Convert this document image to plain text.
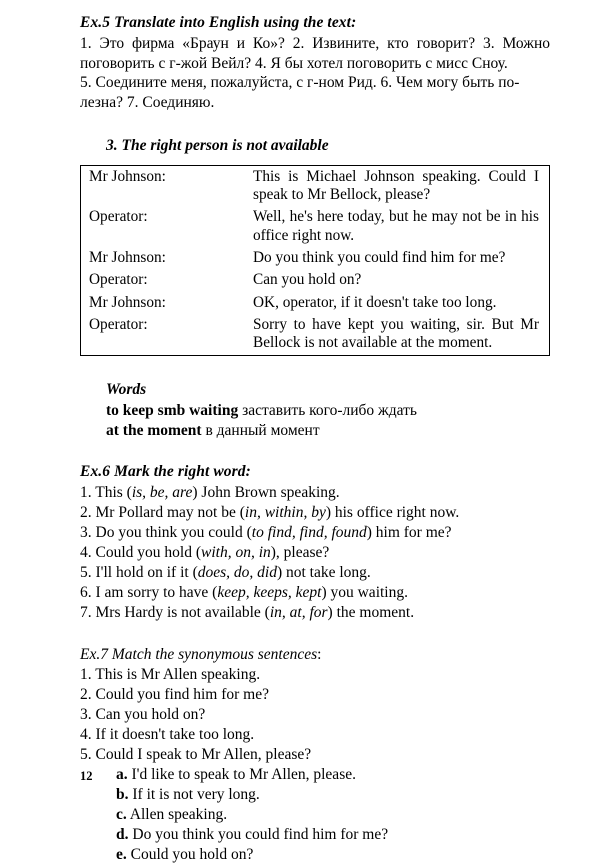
Ex.5 Translate into English using the text:
1. Это фирма «Браун и Ко»? 2. Извините, кто говорит? 3. Можно поговорить с г-жой Вейл? 4. Я бы хотел поговорить с мисс Сноу.
5. Соедините меня, пожалуйста, с г-ном Рид. 6. Чем могу быть по-
лезна? 7. Соединяю.
3. The right person is not available
Mr Johnson:	This is Michael Johnson speaking. Could I speak to Mr Bellock, please?
Operator:	Well, he's here today, but he may not be in his office right now.
Mr Johnson:	Do you think you could find him for me?
Operator:	Can you hold on?
Mr Johnson:	OK, operator, if it doesn't take too long.
Operator:	Sorry to have kept you waiting, sir. But Mr Bellock is not available at the moment.
Words
to keep smb waiting заставить кого-либо ждать
at the moment в данный момент
Ex.6 Mark the right word:
1. This (is, be, are) John Brown speaking.
2. Mr Pollard may not be (in, within, by) his office right now.
3. Do you think you could (to find, find, found) him for me?
4. Could you hold (with, on, in), please?
5. I'll hold on if it (does, do, did) not take long.
6. I am sorry to have (keep, keeps, kept) you waiting.
7. Mrs Hardy is not available (in, at, for) the moment.
Ex.7 Match the synonymous sentences:
1. This is Mr Allen speaking.
2. Could you find him for me?
3. Can you hold on?
4. If it doesn't take too long.
5. Could I speak to Mr Allen, please?
a. I'd like to speak to Mr Allen, please.
b. If it is not very long.
c. Allen speaking.
d. Do you think you could find him for me?
e. Could you hold on?
12
